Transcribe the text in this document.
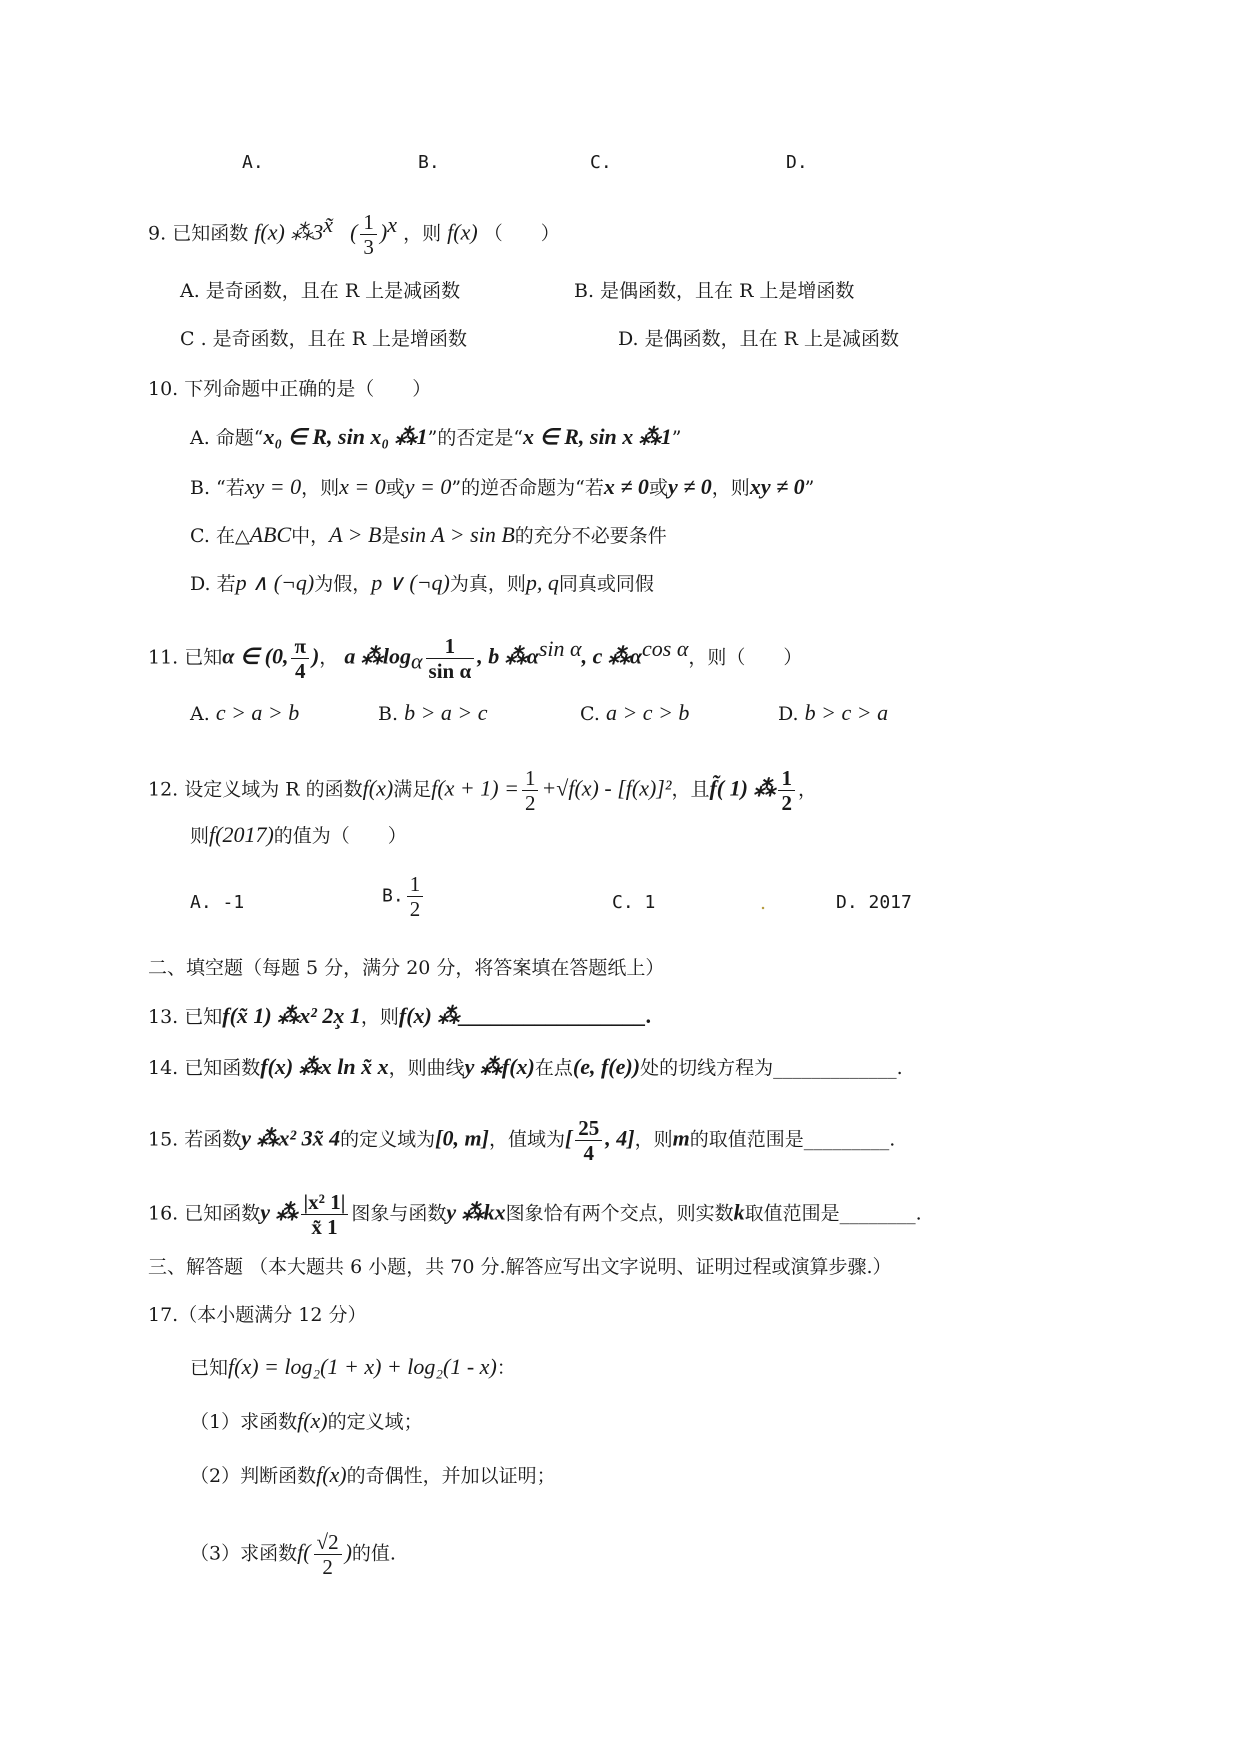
A.	B.	C.	D.
9. 已知函数 f(x) $⁂3^{x̃}$   ( $\frac{1}{3} )^x$ ，则 f(x) （　　）
A. 是奇函数，且在 R 上是减函数	B. 是偶函数，且在 R 上是增函数
C . 是奇函数，且在 R 上是增函数	D. 是偶函数，且在 R 上是减函数
10. 下列命题中正确的是（　　）
A. 命题“x₀ ∈ R, sin x₀ ⁂1”的否定是“x ∈ R, sin x ⁂1”
B. “若xy = 0，则x = 0或y = 0”的逆否命题为“若x ≠ 0或y ≠ 0，则xy ≠ 0”
C. 在△ABC中，A > B是sin A > sin B的充分不必要条件
D. 若p ∧ (¬q)为假，p ∨ (¬q)为真，则p, q同真或同假
11. 已知α ∈ (0, $\frac{\pi}{4}$ )， a $⁂\log_\alpha \frac{1}{\text{sin α}}$ , b $⁂\alpha^{sin \alpha}$, c $⁂\alpha^{cos \alpha}$，则（　　）
A. c > a > b	B. b > a > c	C. a > c > b	D. b > c > a
12. 设定义域为 R 的函数f(x)满足$f(x + 1) = \frac{1}{2} +√f(x) - [f(x)]^2$，且f̃( 1) ⁂ $\frac{1}{2}$ ，
则f(2017)的值为（　　）
A. -1	B. $\frac{1}{2}$	C. 1	.	D. 2017
二、填空题（每题 5 分，满分 20 分，将答案填在答题纸上）
13. 已知f(x̃ 1) ⁂x² 2x̧ 1，则f(x) ⁂_________________.
14. 已知函数f(x) ⁂x ln x̃ x，则曲线y ⁂f(x)在点(e, f(e))处的切线方程为_____________.
15. 若函数y ⁂x² 3x̃ 4的定义域为[0, m]，值域为[ $\frac{25}{4}$ , 4]，则m的取值范围是_________.
16. 已知函数y ⁂ $\frac{\text{|x² 1|}}{x̃ 1}$ 图象与函数y ⁂kx图象恰有两个交点，则实数k取值范围是________.
三、解答题 （本大题共 6 小题，共 70 分.解答应写出文字说明、证明过程或演算步骤.）
17.（本小题满分 12 分）
已知f(x) = log₂(1 + x) + log₂(1 - x)：
（1）求函数f(x)的定义域；
（2）判断函数f(x)的奇偶性，并加以证明；
（3）求函数$f( \frac{√2}{2}$ )的值.
